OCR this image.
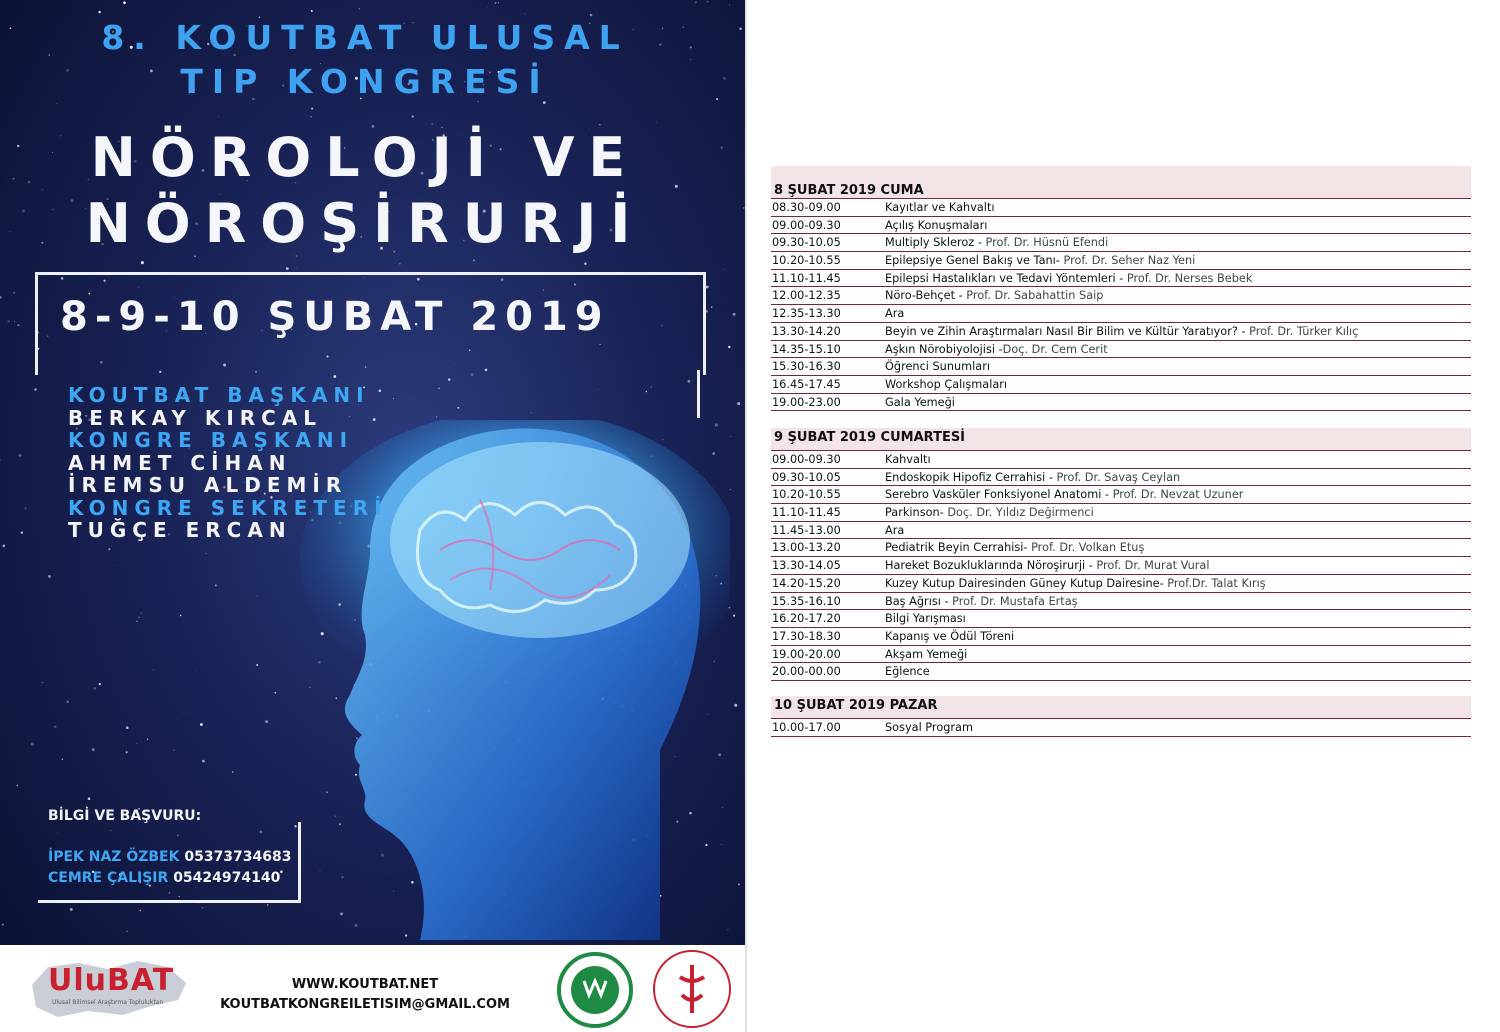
8. KOUTBAT ULUSAL
TIP KONGRESİ
NÖROLOJİ VE
NÖROŞİRURJİ
8-9-10 ŞUBAT 2019
KOUTBAT BAŞKANI
BERKAY KIRCAL
KONGRE BAŞKANI
AHMET CİHAN
İREMSU ALDEMİR
KONGRE SEKRETERİ
TUĞÇE ERCAN
BİLGİ VE BAŞVURU:
İPEK NAZ ÖZBEK 05373734683
CEMRE ÇALIŞIR 05424974140
UluBAT
Ulusal Bilimsel Araştırma Topluluktan
WWW.KOUTBAT.NET
KOUTBATKONGREILETISIM@GMAIL.COM
8 ŞUBAT 2019 CUMA
08.30-09.00	Kayıtlar ve Kahvaltı
09.00-09.30	Açılış Konuşmaları
09.30-10.05	Multiply Skleroz - Prof. Dr. Hüsnü Efendi
10.20-10.55	Epilepsiye Genel Bakış ve Tanı- Prof. Dr. Seher Naz Yeni
11.10-11.45	Epilepsi Hastalıkları ve Tedavi Yöntemleri - Prof. Dr. Nerses Bebek
12.00-12.35	Nöro-Behçet - Prof. Dr. Sabahattin Saip
12.35-13.30	Ara
13.30-14.20	Beyin ve Zihin Araştırmaları Nasıl Bir Bilim ve Kültür Yaratıyor? - Prof. Dr. Türker Kılıç
14.35-15.10	Aşkın Nörobiyolojisi -Doç. Dr. Cem Cerit
15.30-16.30	Öğrenci Sunumları
16.45-17.45	Workshop Çalışmaları
19.00-23.00	Gala Yemeği
9 ŞUBAT 2019 CUMARTESİ
09.00-09.30	Kahvaltı
09.30-10.05	Endoskopik Hipofiz Cerrahisi - Prof. Dr. Savaş Ceylan
10.20-10.55	Serebro Vasküler Fonksiyonel Anatomi - Prof. Dr. Nevzat Uzuner
11.10-11.45	Parkinson- Doç. Dr. Yıldız Değirmenci
11.45-13.00	Ara
13.00-13.20	Pediatrik Beyin Cerrahisi- Prof. Dr. Volkan Etuş
13.30-14.05	Hareket Bozukluklarında Nöroşirurji - Prof. Dr. Murat Vural
14.20-15.20	Kuzey Kutup Dairesinden Güney Kutup Dairesine- Prof.Dr. Talat Kırış
15.35-16.10	Baş Ağrısı - Prof. Dr. Mustafa Ertaş
16.20-17.20	Bilgi Yarışması
17.30-18.30	Kapanış ve Ödül Töreni
19.00-20.00	Akşam Yemeği
20.00-00.00	Eğlence
10 ŞUBAT 2019 PAZAR
10.00-17.00	Sosyal Program
